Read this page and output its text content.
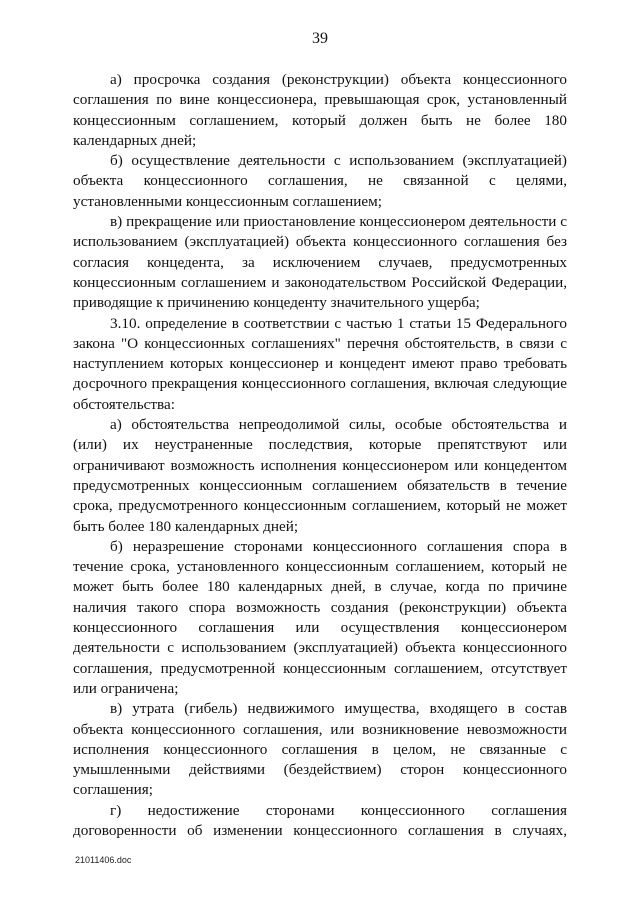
39

а) просрочка создания (реконструкции) объекта концессионного соглашения по вине концессионера, превышающая срок, установленный концессионным соглашением, который должен быть не более 180 календарных дней;

б) осуществление деятельности с использованием (эксплуатацией) объекта концессионного соглашения, не связанной с целями, установленными концессионным соглашением;

в) прекращение или приостановление концессионером деятельности с использованием (эксплуатацией) объекта концессионного соглашения без согласия концедента, за исключением случаев, предусмотренных концессионным соглашением и законодательством Российской Федерации, приводящие к причинению концеденту значительного ущерба;

3.10. определение в соответствии с частью 1 статьи 15 Федерального закона "О концессионных соглашениях" перечня обстоятельств, в связи с наступлением которых концессионер и концедент имеют право требовать досрочного прекращения концессионного соглашения, включая следующие обстоятельства:

а) обстоятельства непреодолимой силы, особые обстоятельства и (или) их неустраненные последствия, которые препятствуют или ограничивают возможность исполнения концессионером или концедентом предусмотренных концессионным соглашением обязательств в течение срока, предусмотренного концессионным соглашением, который не может быть более 180 календарных дней;

б) неразрешение сторонами концессионного соглашения спора в течение срока, установленного концессионным соглашением, который не может быть более 180 календарных дней, в случае, когда по причине наличия такого спора возможность создания (реконструкции) объекта концессионного соглашения или осуществления концессионером деятельности с использованием (эксплуатацией) объекта концессионного соглашения, предусмотренной концессионным соглашением, отсутствует или ограничена;

в) утрата (гибель) недвижимого имущества, входящего в состав объекта концессионного соглашения, или возникновение невозможности исполнения концессионного соглашения в целом, не связанные с умышленными действиями (бездействием) сторон концессионного соглашения;

г) недостижение сторонами концессионного соглашения договоренности об изменении концессионного соглашения в случаях,

21011406.doc
